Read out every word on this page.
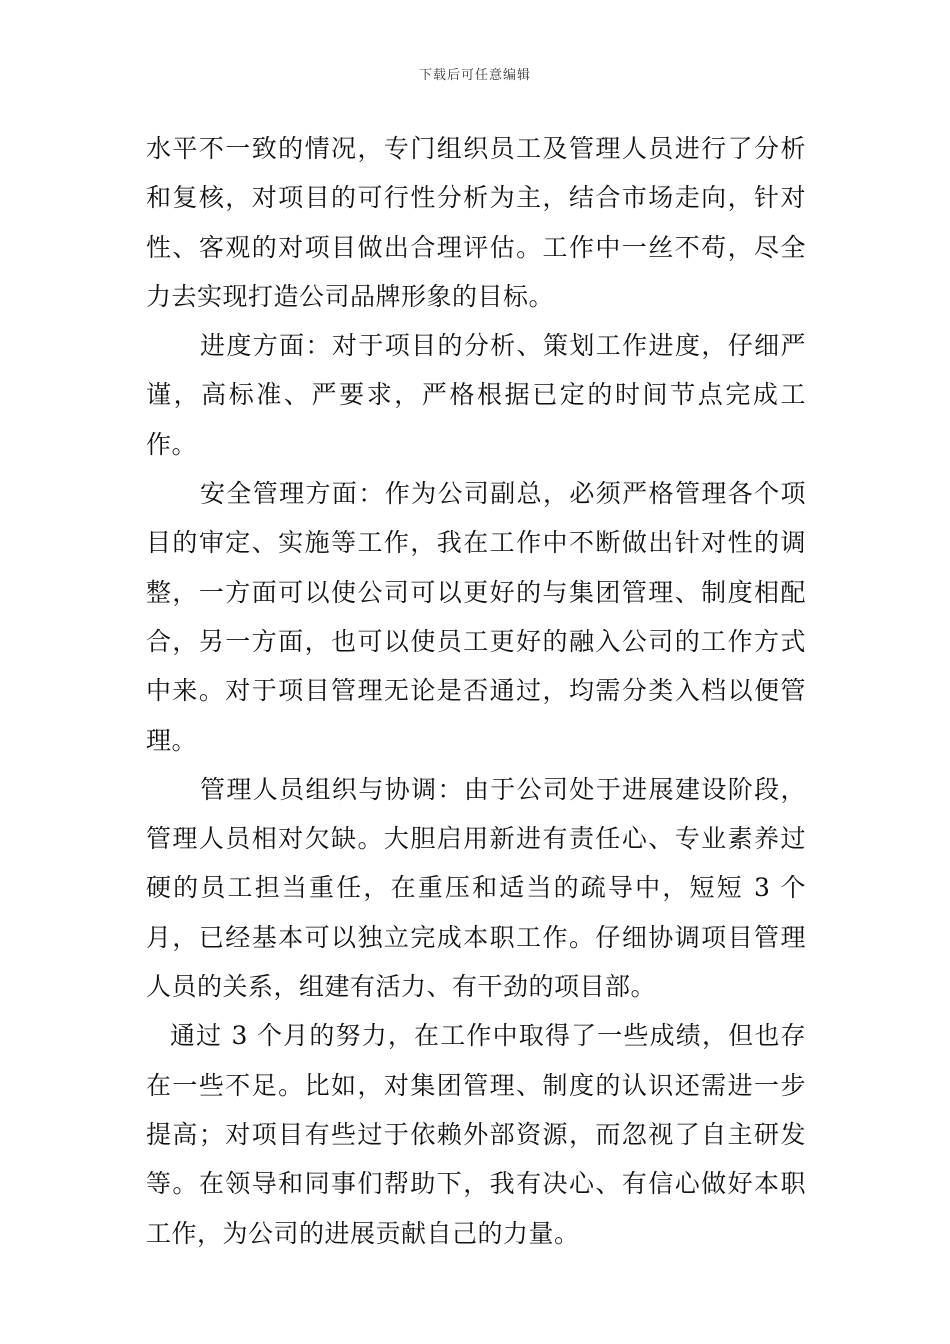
下载后可任意编辑

水平不一致的情况，专门组织员工及管理人员进行了分析和复核，对项目的可行性分析为主，结合市场走向，针对性、客观的对项目做出合理评估。工作中一丝不苟，尽全力去实现打造公司品牌形象的目标。

进度方面：对于项目的分析、策划工作进度，仔细严谨，高标准、严要求，严格根据已定的时间节点完成工作。

安全管理方面：作为公司副总，必须严格管理各个项目的审定、实施等工作，我在工作中不断做出针对性的调整，一方面可以使公司可以更好的与集团管理、制度相配合，另一方面，也可以使员工更好的融入公司的工作方式中来。对于项目管理无论是否通过，均需分类入档以便管理。

管理人员组织与协调：由于公司处于进展建设阶段，管理人员相对欠缺。大胆启用新进有责任心、专业素养过硬的员工担当重任，在重压和适当的疏导中，短短 3 个月，已经基本可以独立完成本职工作。仔细协调项目管理人员的关系，组建有活力、有干劲的项目部。

通过 3 个月的努力，在工作中取得了一些成绩，但也存在一些不足。比如，对集团管理、制度的认识还需进一步提高；对项目有些过于依赖外部资源，而忽视了自主研发等。在领导和同事们帮助下，我有决心、有信心做好本职工作，为公司的进展贡献自己的力量。
